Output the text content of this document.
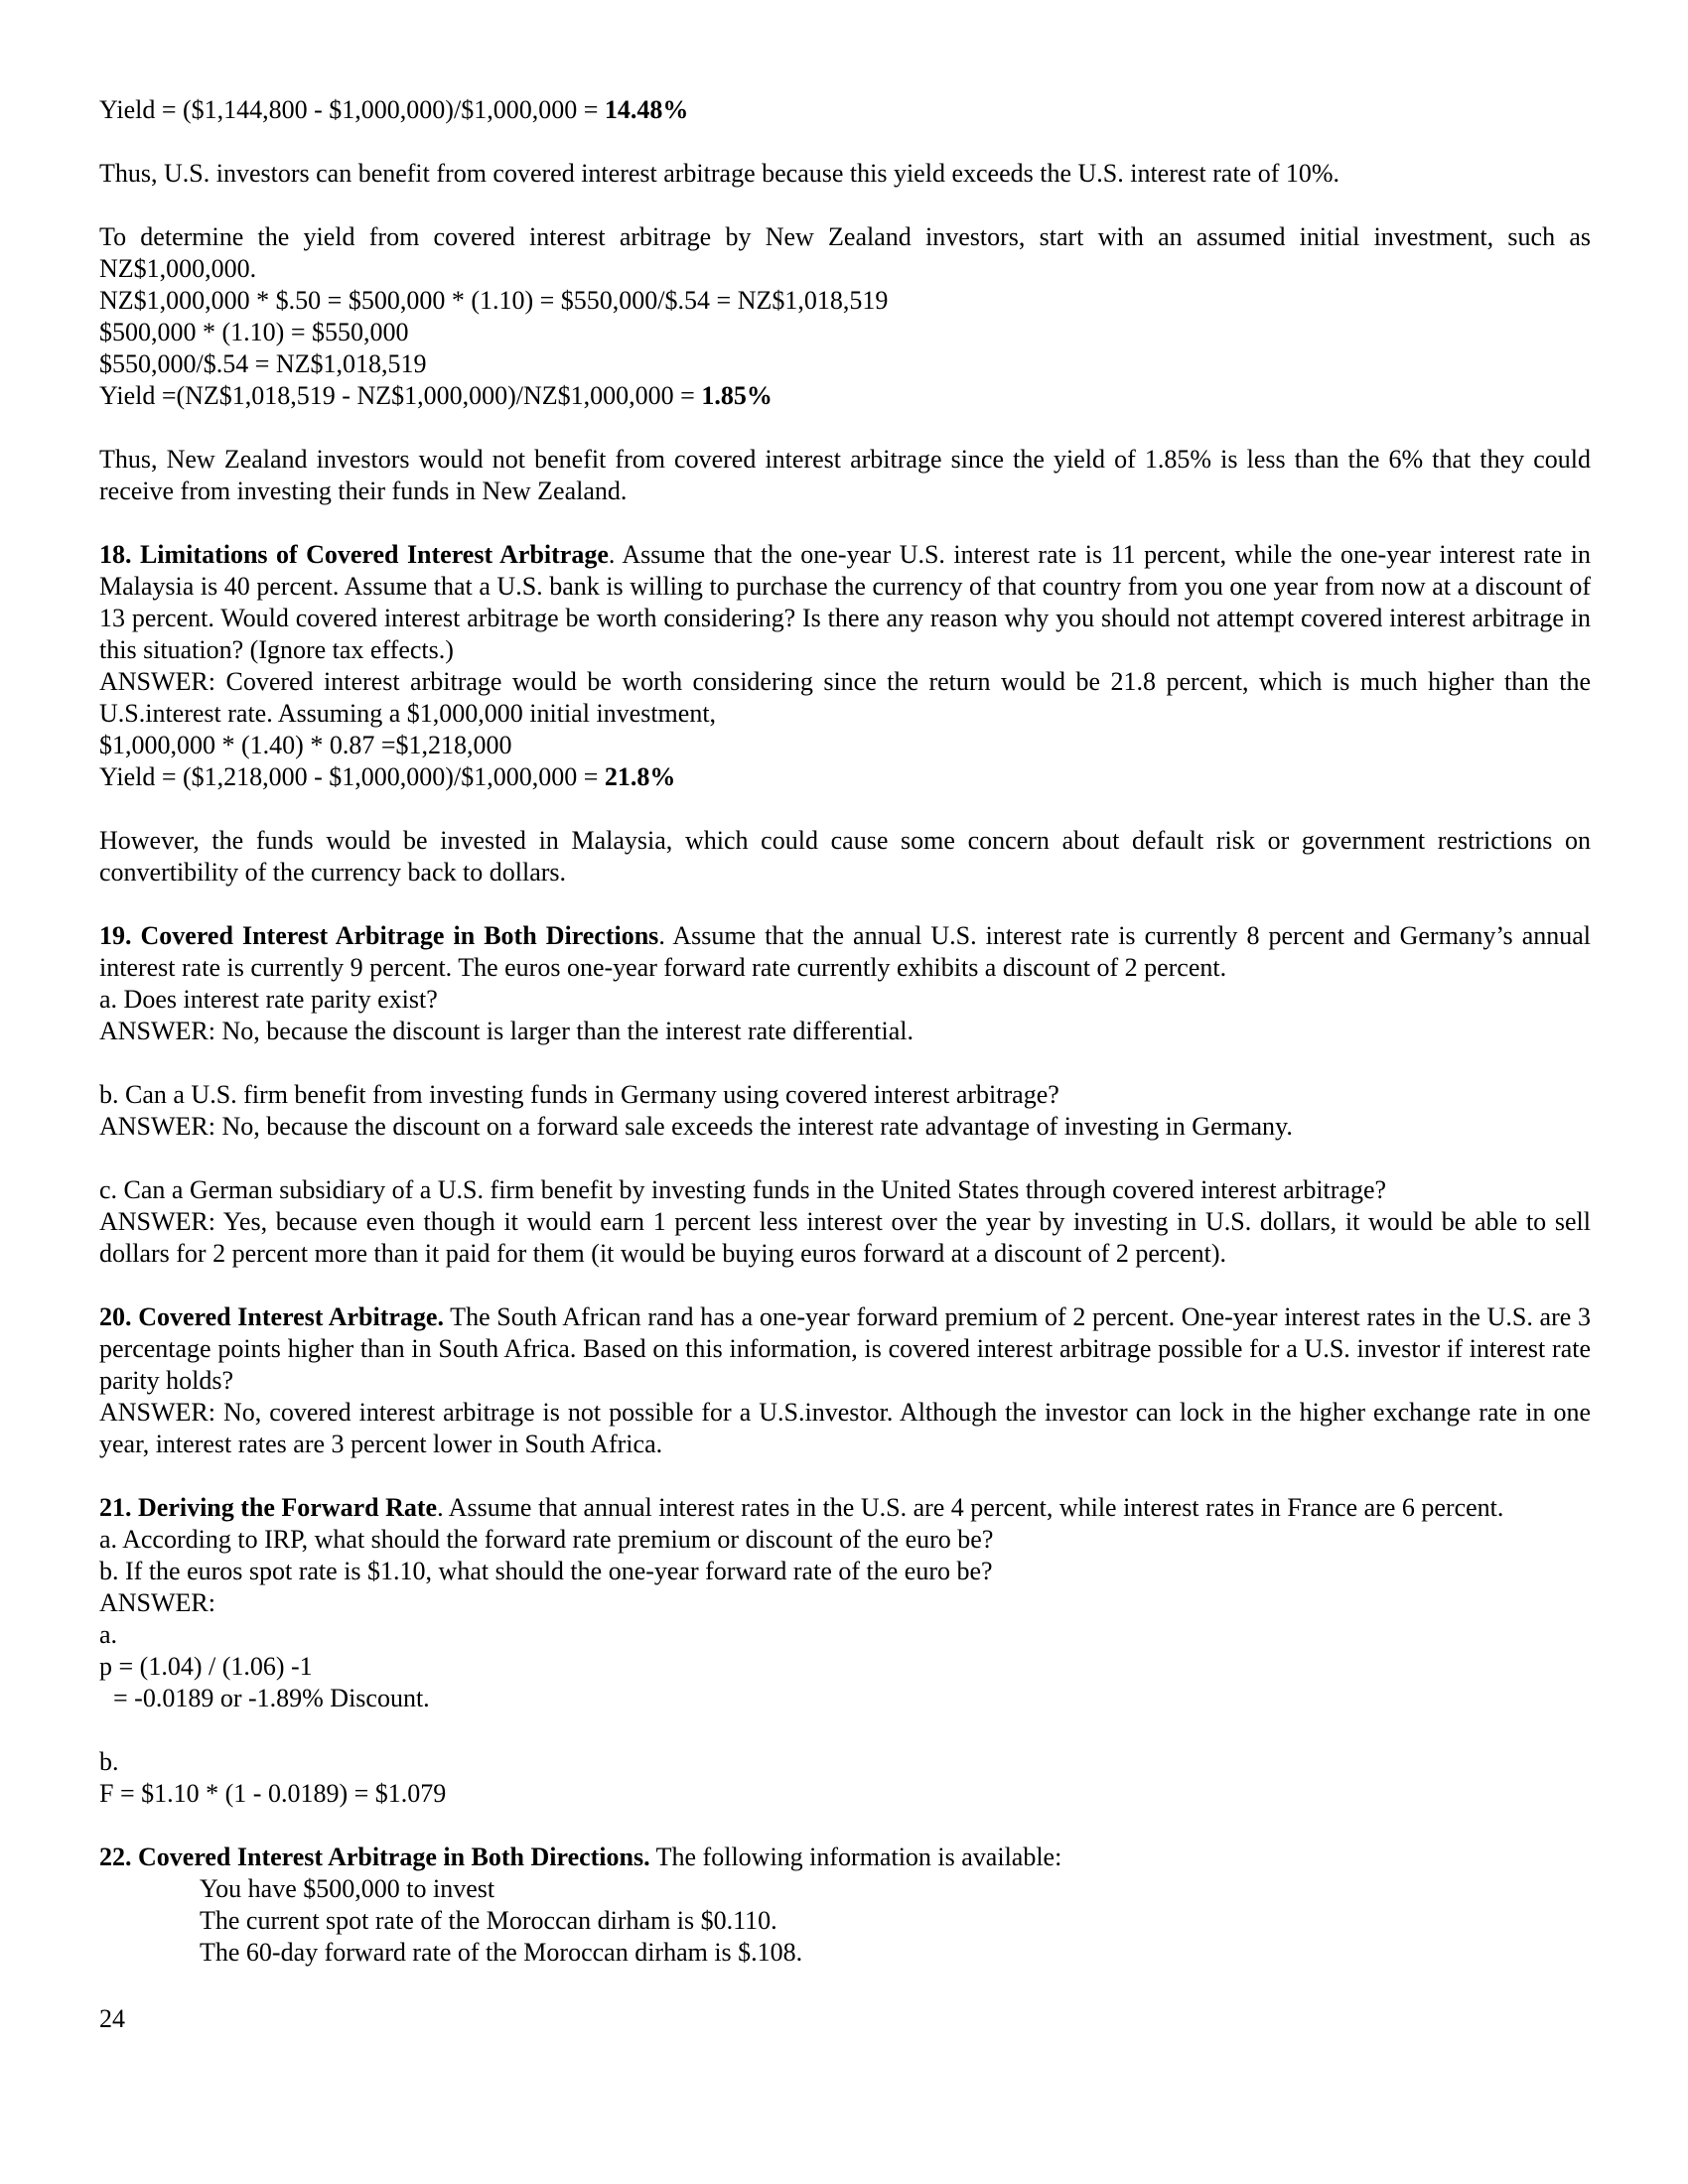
Yield = ($1,144,800 - $1,000,000)/$1,000,000 = 14.48%
Thus, U.S. investors can benefit from covered interest arbitrage because this yield exceeds the U.S. interest rate of 10%.
To determine the yield from covered interest arbitrage by New Zealand investors, start with an assumed initial investment, such as NZ$1,000,000.
NZ$1,000,000 * $.50 = $500,000 * (1.10) = $550,000/$.54 = NZ$1,018,519
$500,000 * (1.10) = $550,000
$550,000/$.54 = NZ$1,018,519
Yield =(NZ$1,018,519 - NZ$1,000,000)/NZ$1,000,000 = 1.85%
Thus, New Zealand investors would not benefit from covered interest arbitrage since the yield of 1.85% is less than the 6% that they could receive from investing their funds in New Zealand.
18. Limitations of Covered Interest Arbitrage. Assume that the one-year U.S. interest rate is 11 percent, while the one-year interest rate in Malaysia is 40 percent. Assume that a U.S. bank is willing to purchase the currency of that country from you one year from now at a discount of 13 percent. Would covered interest arbitrage be worth considering? Is there any reason why you should not attempt covered interest arbitrage in this situation? (Ignore tax effects.)
ANSWER: Covered interest arbitrage would be worth considering since the return would be 21.8 percent, which is much higher than the U.S.interest rate. Assuming a $1,000,000 initial investment,
$1,000,000 * (1.40) * 0.87 =$1,218,000
Yield = ($1,218,000 - $1,000,000)/$1,000,000 = 21.8%
However, the funds would be invested in Malaysia, which could cause some concern about default risk or government restrictions on convertibility of the currency back to dollars.
19. Covered Interest Arbitrage in Both Directions. Assume that the annual U.S. interest rate is currently 8 percent and Germany’s annual interest rate is currently 9 percent. The euros one-year forward rate currently exhibits a discount of 2 percent.
a. Does interest rate parity exist?
ANSWER: No, because the discount is larger than the interest rate differential.
b. Can a U.S. firm benefit from investing funds in Germany using covered interest arbitrage?
ANSWER: No, because the discount on a forward sale exceeds the interest rate advantage of investing in Germany.
c. Can a German subsidiary of a U.S. firm benefit by investing funds in the United States through covered interest arbitrage?
ANSWER: Yes, because even though it would earn 1 percent less interest over the year by investing in U.S. dollars, it would be able to sell dollars for 2 percent more than it paid for them (it would be buying euros forward at a discount of 2 percent).
20. Covered Interest Arbitrage. The South African rand has a one-year forward premium of 2 percent. One-year interest rates in the U.S. are 3 percentage points higher than in South Africa. Based on this information, is covered interest arbitrage possible for a U.S. investor if interest rate parity holds?
ANSWER: No, covered interest arbitrage is not possible for a U.S.investor. Although the investor can lock in the higher exchange rate in one year, interest rates are 3 percent lower in South Africa.
21. Deriving the Forward Rate. Assume that annual interest rates in the U.S. are 4 percent, while interest rates in France are 6 percent.
a. According to IRP, what should the forward rate premium or discount of the euro be?
b. If the euros spot rate is $1.10, what should the one-year forward rate of the euro be?
ANSWER:
a.
p = (1.04) / (1.06) -1
= -0.0189 or -1.89% Discount.
b.
F = $1.10 * (1 - 0.0189) = $1.079
22. Covered Interest Arbitrage in Both Directions. The following information is available:
You have $500,000 to invest
The current spot rate of the Moroccan dirham is $0.110.
The 60-day forward rate of the Moroccan dirham is $.108.
24
